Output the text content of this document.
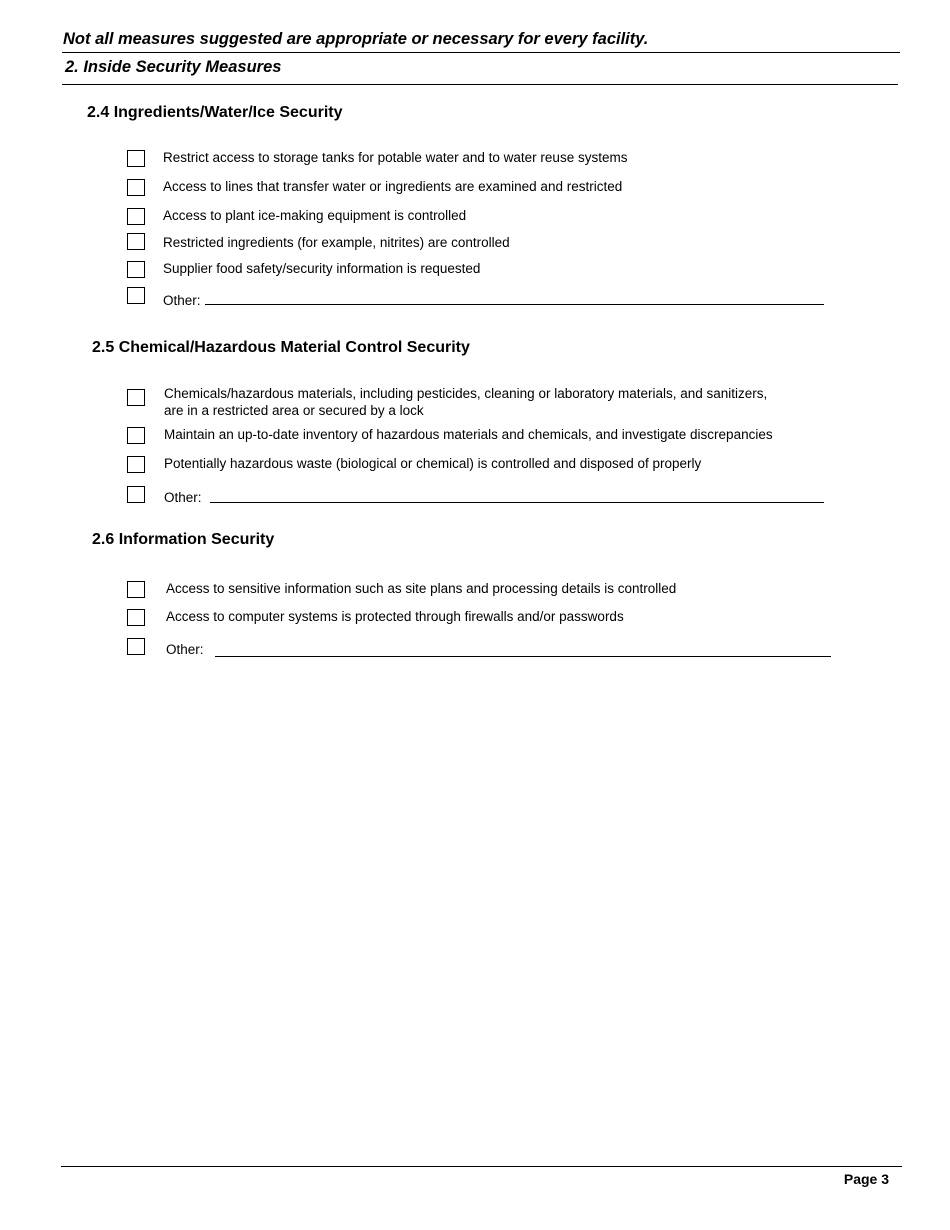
Not all measures suggested are appropriate or necessary for every facility.
2. Inside Security Measures
2.4 Ingredients/Water/Ice Security
Restrict access to storage tanks for potable water and to water reuse systems
Access to lines that transfer water or ingredients are examined and restricted
Access to plant ice-making equipment is controlled
Restricted ingredients (for example, nitrites) are controlled
Supplier food safety/security information is requested
Other:
2.5 Chemical/Hazardous Material Control Security
Chemicals/hazardous materials, including pesticides, cleaning or laboratory materials, and sanitizers,
are in a restricted area or secured by a lock
Maintain an up-to-date inventory of hazardous materials and chemicals, and investigate discrepancies
Potentially hazardous waste (biological or chemical) is controlled and disposed of properly
Other:
2.6 Information Security
Access to sensitive information such as site plans and processing details is controlled
Access to computer systems is protected through firewalls and/or passwords
Other:
Page 3
